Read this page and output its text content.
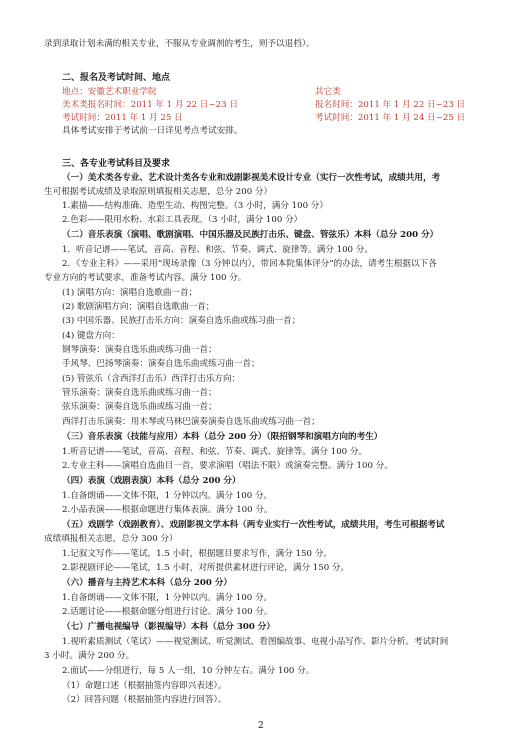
录到录取计划未满的相关专业，不服从专业调剂的考生，则予以退档）。
二、报名及考试时间、地点
地点：安徽艺术职业学院	其它类
美术类报名时间：2011 年 1 月 22 日~23 日	报名时间：2011 年 1 月 22 日~23 日
考试时间：2011 年 1 月 25 日	考试时间：2011 年 1 月 24 日~25 日
具体考试安排于考试前一日详见考点考试安排。
三、各专业考试科目及要求
（一）美术类各专业、艺术设计类各专业和戏剧影视美术设计专业（实行一次性考试，成绩共用，考
生可根据考试成绩及录取原则填报相关志愿，总分 200 分）
1.素描——结构准确、造型生动、构图完整。（3 小时，满分 100 分）
2.色彩——限用水粉、水彩工具表现。（3 小时，满分 100 分）
（二）音乐表演（演唱、歌剧演唱、中国乐器及民族打击乐、键盘、管弦乐）本科（总分 200 分）
1．听音记谱——笔试，音高、音程、和弦、节奏、调式、旋律等。满分 100 分。
2．《专业主科》——采用“现场录像（3 分钟以内），带回本院集体评分”的办法，请考生根据以下各
专业方向的考试要求，准备考试内容。满分 100 分。
(1) 演唱方向：演唱自选歌曲一首；
(2) 歌剧演唱方向：演唱自选歌曲一首；
(3) 中国乐器、民族打击乐方向：演奏自选乐曲或练习曲一首；
(4) 键盘方向：
钢琴演奏：演奏自选乐曲或练习曲一首；
手风琴、巴扬琴演奏：演奏自选乐曲或练习曲一首；
(5) 管弦乐（含西洋打击乐）西洋打击乐方向：
管乐演奏：演奏自选乐曲或练习曲一首；
弦乐演奏：演奏自选乐曲或练习曲一首；
西洋打击乐演奏：用木琴或马林巴演奏演奏自选乐曲或练习曲一首；
（三）音乐表演（技能与应用）本科（总分 200 分）（限招钢琴和演唱方向的考生）
1.听音记谱——笔试，音高、音程、和弦、节奏、调式、旋律等。满分 100 分。
2.专业主科——演唱自选曲目一首，要求演唱（唱法不限）或演奏完整。满分 100 分。
（四）表演（戏剧表演）本科（总分 200 分）
1.自备朗诵——文体不限，1 分钟以内。满分 100 分。
2.小品表演——根据命题进行集体表演。满分 100 分。
（五）戏剧学（戏剧教育）、戏剧影视文学本科（两专业实行一次性考试，成绩共用，考生可根据考试
成绩填报相关志愿，总分 300 分）
1.记叙文写作——笔试，1.5 小时，根据题目要求写作，满分 150 分。
2.影视剧评论——笔试，1.5 小时，对所提供素材进行评论，满分 150 分。
（六）播音与主持艺术本科（总分 200 分）
1.自备朗诵——文体不限，1 分钟以内。满分 100 分。
2.话题讨论——根据命题分组进行讨论。满分 100 分。
（七）广播电视编导（影视编导）本科（总分 300 分）
1.视听素质测试（笔试）——视觉测试、听觉测试、看图编故事、电视小品写作、影片分析。考试时间
3 小时。满分 200 分。
2.面试——分组进行，每 5 人一组，10 分钟左右。满分 100 分。
（1）命题口述（根据抽签内容即兴表述）。
（2）回答问题（根据抽签内容进行回答）。
2
